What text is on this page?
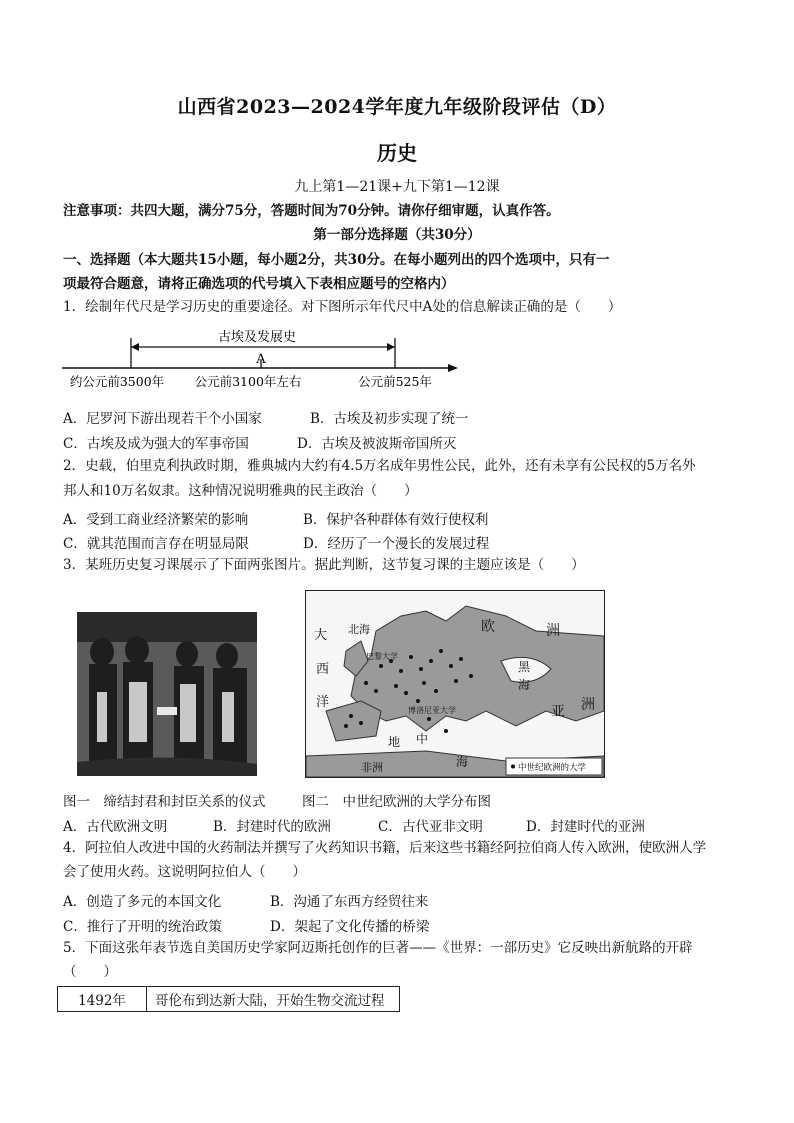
山西省2023—2024学年度九年级阶段评估（D）
历史
九上第1—21课+九下第1—12课
注意事项：共四大题，满分75分，答题时间为70分钟。请你仔细审题，认真作答。
第一部分选择题（共30分）
一、选择题（本大题共15小题，每小题2分，共30分。在每小题列出的四个选项中，只有一
项最符合题意，请将正确选项的代号填入下表相应题号的空格内）
1．绘制年代尺是学习历史的重要途径。对下图所示年代尺中A处的信息解读正确的是（　　）
古埃及发展史
A
约公元前3500年 公元前3100年左右	公元前525年
A．尼罗河下游出现若干个小国家	B．古埃及初步实现了统一
C．古埃及成为强大的军事帝国	D．古埃及被波斯帝国所灭
2．史载，伯里克利执政时期，雅典城内大约有4.5万名成年男性公民，此外，还有未享有公民权的5万名外
邦人和10万名奴隶。这种情况说明雅典的民主政治（　　）
A．受到工商业经济繁荣的影响	B．保护各种群体有效行使权利
C．就其范围而言存在明显局限	D．经历了一个漫长的发展过程
3．某班历史复习课展示了下面两张图片。据此判断，这节复习课的主题应该是（　　）
大
西
洋
北海	欧	洲
黑
海
亚 洲
地 中
海
非洲
博洛尼亚大学
巴黎大学
中世纪欧洲的大学
图一　缔结封君和封臣关系的仪式	图二　中世纪欧洲的大学分布图
A．古代欧洲文明	B．封建时代的欧洲	C．古代亚非文明	D．封建时代的亚洲
4．阿拉伯人改进中国的火药制法并撰写了火药知识书籍，后来这些书籍经阿拉伯商人传入欧洲，使欧洲人学
会了使用火药。这说明阿拉伯人（　　）
A．创造了多元的本国文化	B．沟通了东西方经贸往来
C．推行了开明的统治政策	D．架起了文化传播的桥梁
5．下面这张年表节选自美国历史学家阿迈斯托创作的巨著——《世界：一部历史》它反映出新航路的开辟
（　　）
1492年	哥伦布到达新大陆，开始生物交流过程
